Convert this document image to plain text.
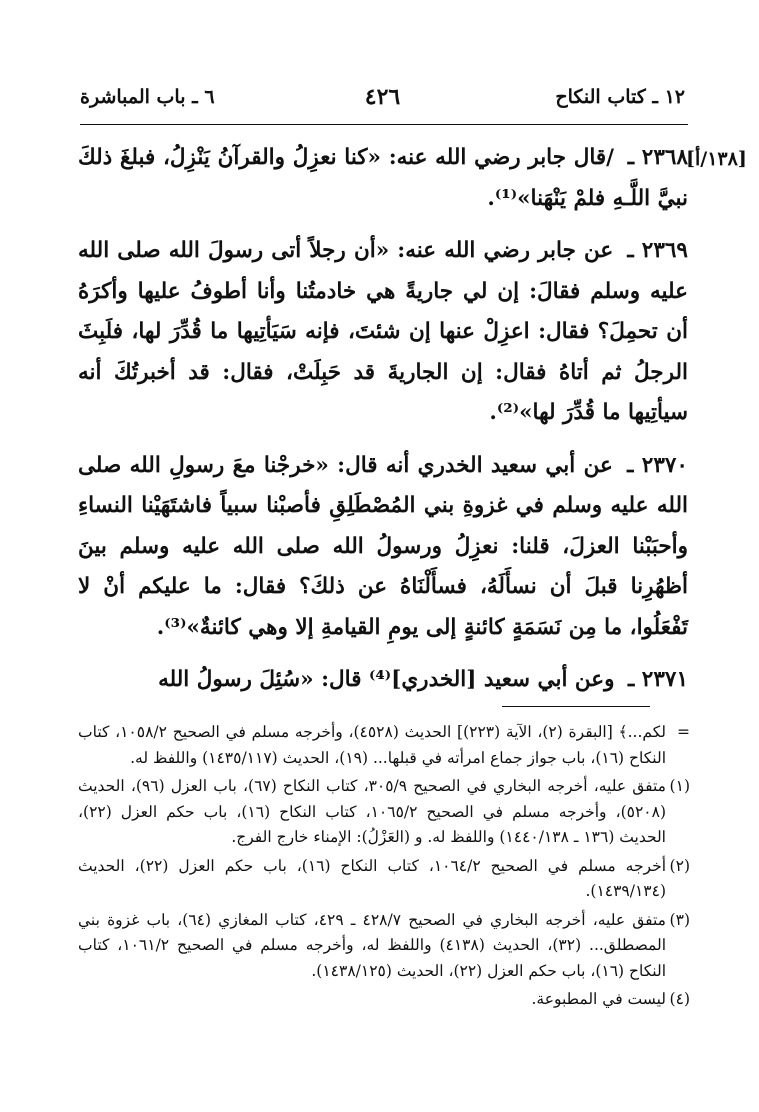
١٢ ـ كتاب النكاح
٤٢٦
٦ ـ باب المباشرة
[١٣٨/أ]

٢٣٦٨ ـ /قال جابر رضي الله عنه: «كنا نعزِلُ والقرآنُ يَنْزِلُ، فبلغَ ذلكَ نبيَّ اللَّـهِ فلمْ يَنْهَنا»⁽¹⁾.

٢٣٦٩ ـ عن جابر رضي الله عنه: «أن رجلاً أتى رسولَ الله صلى الله عليه وسلم فقالَ: إن لي جاريةً هي خادمتُنا وأنا أطوفُ عليها وأكرَهُ أن تحمِلَ؟ فقال: اعزِلْ عنها إن شئتَ، فإنه سَيَأتِيها ما قُدِّرَ لها، فلَبِثَ الرجلُ ثم أتاهُ فقال: إن الجاريةَ قد حَبِلَتْ، فقال: قد أخبرتُكَ أنه سيأتِيها ما قُدِّرَ لها»⁽²⁾.

٢٣٧٠ ـ عن أبي سعيد الخدري أنه قال: «خرجْنا معَ رسولِ الله صلى الله عليه وسلم في غزوةِ بني المُصْطَلِقِ فأصبْنا سبياً فاشتَهَيْنا النساءِ وأحبَبْنا العزلَ، قلنا: نعزِلُ ورسولُ الله صلى الله عليه وسلم بينَ أظهُرِنا قبلَ أن نسأَلَهُ، فسأَلْنَاهُ عن ذلكَ؟ فقال: ما عليكم أنْ لا تَفْعَلُوا، ما مِن نَسَمَةٍ كائنةٍ إلى يومِ القيامةِ إلا وهي كائنةٌ»⁽³⁾.

٢٣٧١ ـ وعن أبي سعيد [الخدري]⁽⁴⁾ قال: «سُئِلَ رسولُ الله

=
لكم...﴾ [البقرة (٢)، الآية (٢٢٣)] الحديث (٤٥٢٨)، وأخرجه مسلم في الصحيح ١٠٥٨/٢، كتاب النكاح (١٦)، باب جواز جماع امرأته في قبلها... (١٩)، الحديث (١٤٣٥/١١٧) واللفظ له.
(١)
متفق عليه، أخرجه البخاري في الصحيح ٣٠٥/٩، كتاب النكاح (٦٧)، باب العزل (٩٦)، الحديث (٥٢٠٨)، وأخرجه مسلم في الصحيح ١٠٦٥/٢، كتاب النكاح (١٦)، باب حكم العزل (٢٢)، الحديث (١٣٦ ـ ١٤٤٠/١٣٨) واللفظ له. و (العَزْلُ): الإمناء خارج الفرج.
(٢)
أخرجه مسلم في الصحيح ١٠٦٤/٢، كتاب النكاح (١٦)، باب حكم العزل (٢٢)، الحديث (١٤٣٩/١٣٤).
(٣)
متفق عليه، أخرجه البخاري في الصحيح ٤٢٨/٧ ـ ٤٢٩، كتاب المغازي (٦٤)، باب غزوة بني المصطلق... (٣٢)، الحديث (٤١٣٨) واللفظ له، وأخرجه مسلم في الصحيح ١٠٦١/٢، كتاب النكاح (١٦)، باب حكم العزل (٢٢)، الحديث (١٤٣٨/١٢٥).
(٤)
ليست في المطبوعة.
